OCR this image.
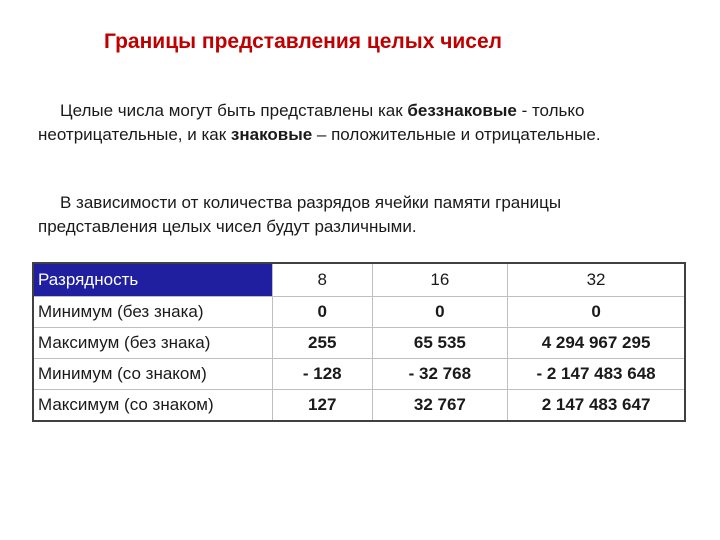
Границы представления целых чисел
Целые числа могут быть представлены как беззнаковые - только неотрицательные, и как знаковые – положительные и отрицательные.
В зависимости от количества разрядов ячейки памяти границы представления целых чисел будут различными.
Разрядность	8	16	32
Минимум (без знака)	0	0	0
Максимум (без знака)	255	65 535	4 294 967 295
Минимум (со знаком)	- 128	- 32 768	- 2 147 483 648
Максимум (со знаком)	127	32 767	2 147 483 647
